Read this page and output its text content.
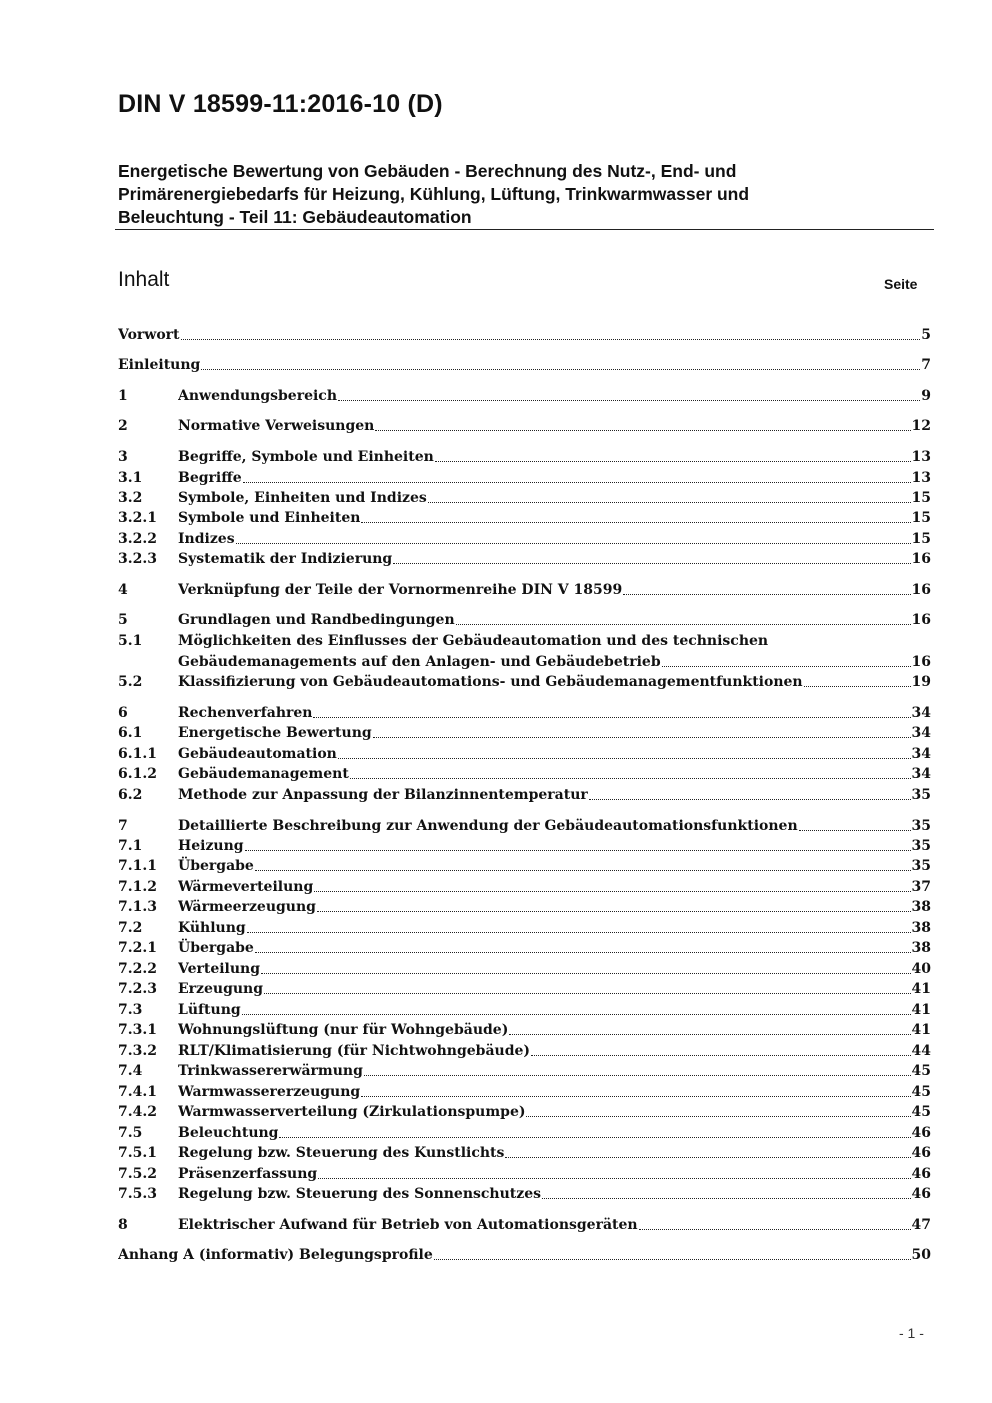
DIN V 18599-11:2016-10 (D)
Energetische Bewertung von Gebäuden - Berechnung des Nutz-, End- und
Primärenergiebedarfs für Heizung, Kühlung, Lüftung, Trinkwarmwasser und
Beleuchtung - Teil 11: Gebäudeautomation
Inhalt	Seite
Vorwort	5
Einleitung	7
1	Anwendungsbereich	9
2	Normative Verweisungen	12
3	Begriffe, Symbole und Einheiten	13
3.1	Begriffe	13
3.2	Symbole, Einheiten und Indizes	15
3.2.1	Symbole und Einheiten	15
3.2.2	Indizes	15
3.2.3	Systematik der Indizierung	16
4	Verknüpfung der Teile der Vornormenreihe DIN V 18599	16
5	Grundlagen und Randbedingungen	16
5.1	Möglichkeiten des Einflusses der Gebäudeautomation und des technischen
Gebäudemanagements auf den Anlagen- und Gebäudebetrieb	16
5.2	Klassifizierung von Gebäudeautomations- und Gebäudemanagementfunktionen	19
6	Rechenverfahren	34
6.1	Energetische Bewertung	34
6.1.1	Gebäudeautomation	34
6.1.2	Gebäudemanagement	34
6.2	Methode zur Anpassung der Bilanzinnentemperatur	35
7	Detaillierte Beschreibung zur Anwendung der Gebäudeautomationsfunktionen	35
7.1	Heizung	35
7.1.1	Übergabe	35
7.1.2	Wärmeverteilung	37
7.1.3	Wärmeerzeugung	38
7.2	Kühlung	38
7.2.1	Übergabe	38
7.2.2	Verteilung	40
7.2.3	Erzeugung	41
7.3	Lüftung	41
7.3.1	Wohnungslüftung (nur für Wohngebäude)	41
7.3.2	RLT/Klimatisierung (für Nichtwohngebäude)	44
7.4	Trinkwassererwärmung	45
7.4.1	Warmwassererzeugung	45
7.4.2	Warmwasserverteilung (Zirkulationspumpe)	45
7.5	Beleuchtung	46
7.5.1	Regelung bzw. Steuerung des Kunstlichts	46
7.5.2	Präsenzerfassung	46
7.5.3	Regelung bzw. Steuerung des Sonnenschutzes	46
8	Elektrischer Aufwand für Betrieb von Automationsgeräten	47
Anhang A (informativ) Belegungsprofile	50
- 1 -
